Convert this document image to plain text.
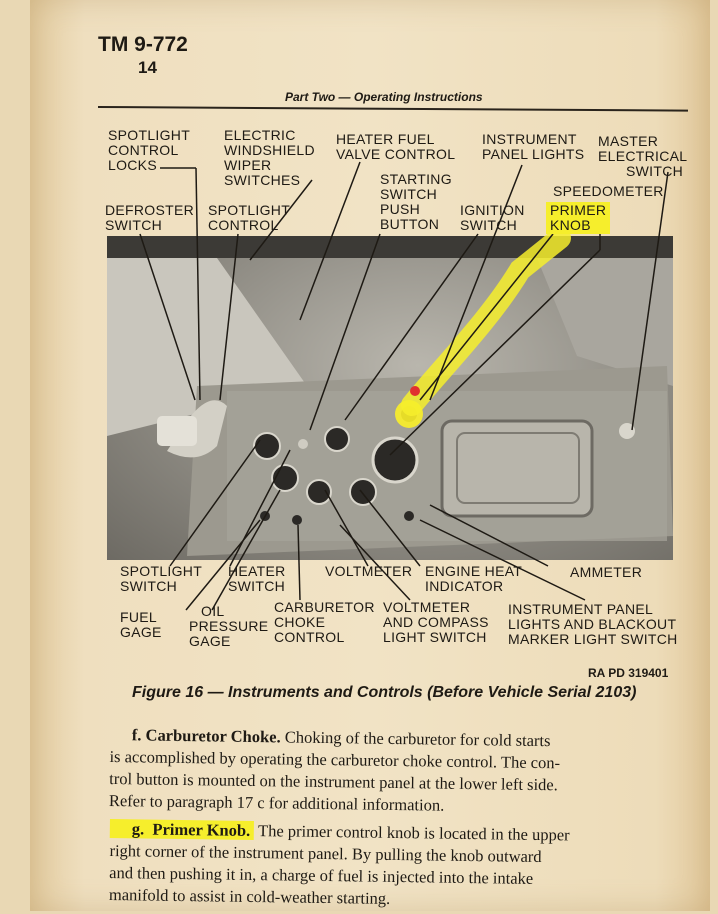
TM 9-772
14
Part Two — Operating Instructions
SPOTLIGHT
CONTROL
LOCKS
ELECTRIC
WINDSHIELD
WIPER
SWITCHES
HEATER FUEL
VALVE CONTROL
INSTRUMENT
PANEL LIGHTS
MASTER
ELECTRICAL
SWITCH
STARTING
SWITCH
PUSH
BUTTON
SPEEDOMETER
DEFROSTER
SWITCH
SPOTLIGHT
CONTROL
IGNITION
SWITCH
PRIMER
KNOB
SPOTLIGHT
SWITCH
HEATER
SWITCH
VOLTMETER ENGINE HEAT
INDICATOR
AMMETER
FUEL
GAGE
OIL
PRESSURE
GAGE
CARBURETOR
CHOKE
CONTROL
VOLTMETER
AND COMPASS
LIGHT SWITCH
INSTRUMENT PANEL
LIGHTS AND BLACKOUT
MARKER LIGHT SWITCH
RA PD 319401
Figure 16 — Instruments and Controls (Before Vehicle Serial 2103)
f. Carburetor Choke. Choking of the carburetor for cold starts
is accomplished by operating the carburetor choke control. The con-
trol button is mounted on the instrument panel at the lower left side.
Refer to paragraph 17 c for additional information.
g. Primer Knob. The primer control knob is located in the upper
right corner of the instrument panel. By pulling the knob outward
and then pushing it in, a charge of fuel is injected into the intake
manifold to assist in cold-weather starting.
